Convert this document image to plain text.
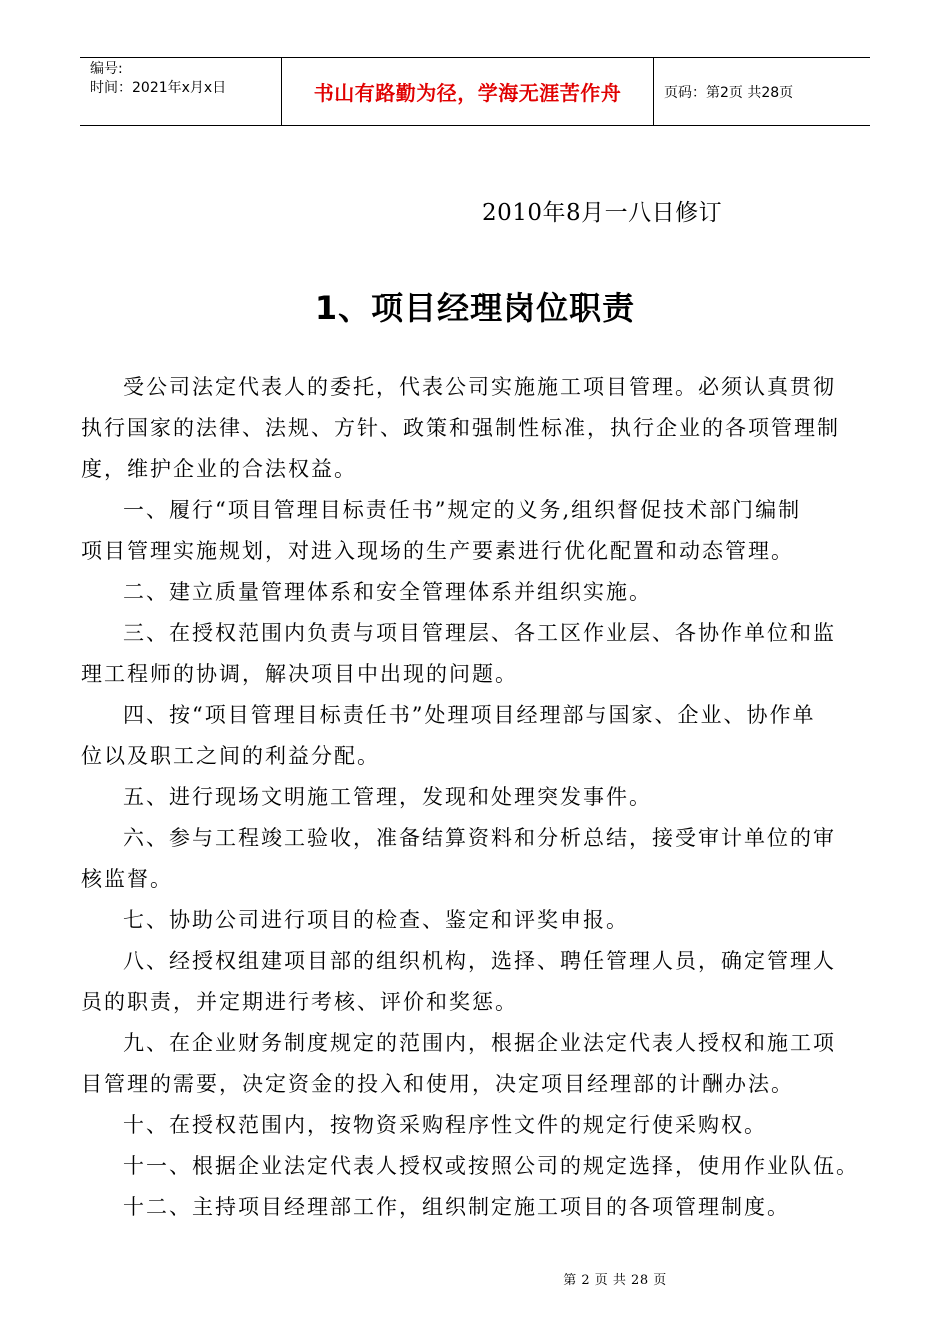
编号:
时间：2021年x月x日	书山有路勤为径，学海无涯苦作舟	页码：第2页 共28页
2010年8月一八日修订
1、项目经理岗位职责

受公司法定代表人的委托，代表公司实施施工项目管理。必须认真贯彻
执行国家的法律、法规、方针、政策和强制性标准，执行企业的各项管理制
度，维护企业的合法权益。

一、履行“项目管理目标责任书”规定的义务,组织督促技术部门编制
项目管理实施规划，对进入现场的生产要素进行优化配置和动态管理。

二、建立质量管理体系和安全管理体系并组织实施。

三、在授权范围内负责与项目管理层、各工区作业层、各协作单位和监
理工程师的协调，解决项目中出现的问题。

四、按“项目管理目标责任书”处理项目经理部与国家、企业、协作单
位以及职工之间的利益分配。

五、进行现场文明施工管理，发现和处理突发事件。

六、参与工程竣工验收，准备结算资料和分析总结，接受审计单位的审
核监督。

七、协助公司进行项目的检查、鉴定和评奖申报。

八、经授权组建项目部的组织机构，选择、聘任管理人员，确定管理人
员的职责，并定期进行考核、评价和奖惩。

九、在企业财务制度规定的范围内，根据企业法定代表人授权和施工项
目管理的需要，决定资金的投入和使用，决定项目经理部的计酬办法。

十、在授权范围内，按物资采购程序性文件的规定行使采购权。

十一、根据企业法定代表人授权或按照公司的规定选择，使用作业队伍。

十二、主持项目经理部工作，组织制定施工项目的各项管理制度。

第 2 页 共 28 页
